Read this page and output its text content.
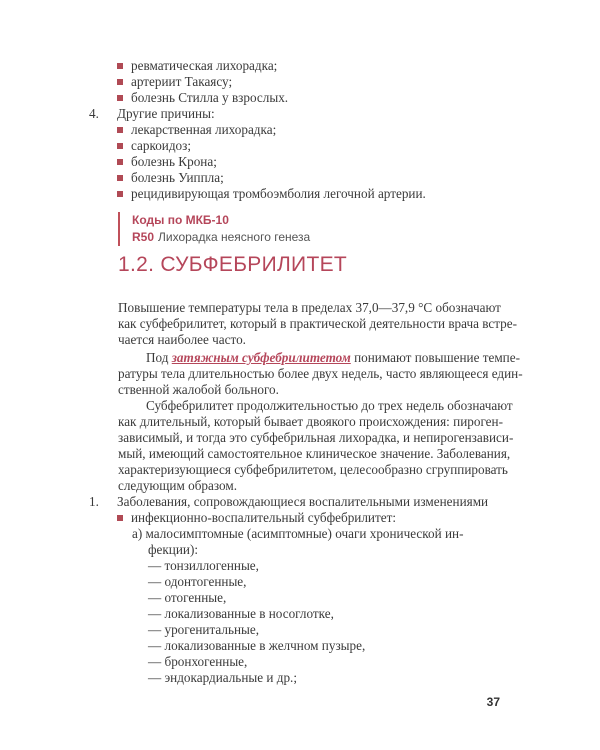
ревматическая лихорадка;
артериит Такаясу;
болезнь Стилла у взрослых.
4. Другие причины:
лекарственная лихорадка;
саркоидоз;
болезнь Крона;
болезнь Уиппла;
рецидивирующая тромбоэмболия легочной артерии.
Коды по МКБ-10
R50 Лихорадка неясного генеза
1.2. СУБФЕБРИЛИТЕТ
Повышение температуры тела в пределах 37,0—37,9 °С обозначают
как субфебрилитет, который в практической деятельности врача встре-
чается наиболее часто.
Под затяжным субфебрилитетом понимают повышение темпе-
ратуры тела длительностью более двух недель, часто являющееся един-
ственной жалобой больного.
Субфебрилитет продолжительностью до трех недель обозначают
как длительный, который бывает двоякого происхождения: пироген-
зависимый, и тогда это субфебрильная лихорадка, и непирогензависи-
мый, имеющий самостоятельное клиническое значение. Заболевания,
характеризующиеся субфебрилитетом, целесообразно сгруппировать
следующим образом.
1. Заболевания, сопровождающиеся воспалительными изменениями
инфекционно-воспалительный субфебрилитет:
а) малосимптомные (асимптомные) очаги хронической ин-
фекции):
— тонзиллогенные,
— одонтогенные,
— отогенные,
— локализованные в носоглотке,
— урогенитальные,
— локализованные в желчном пузыре,
— бронхогенные,
— эндокардиальные и др.;
37
